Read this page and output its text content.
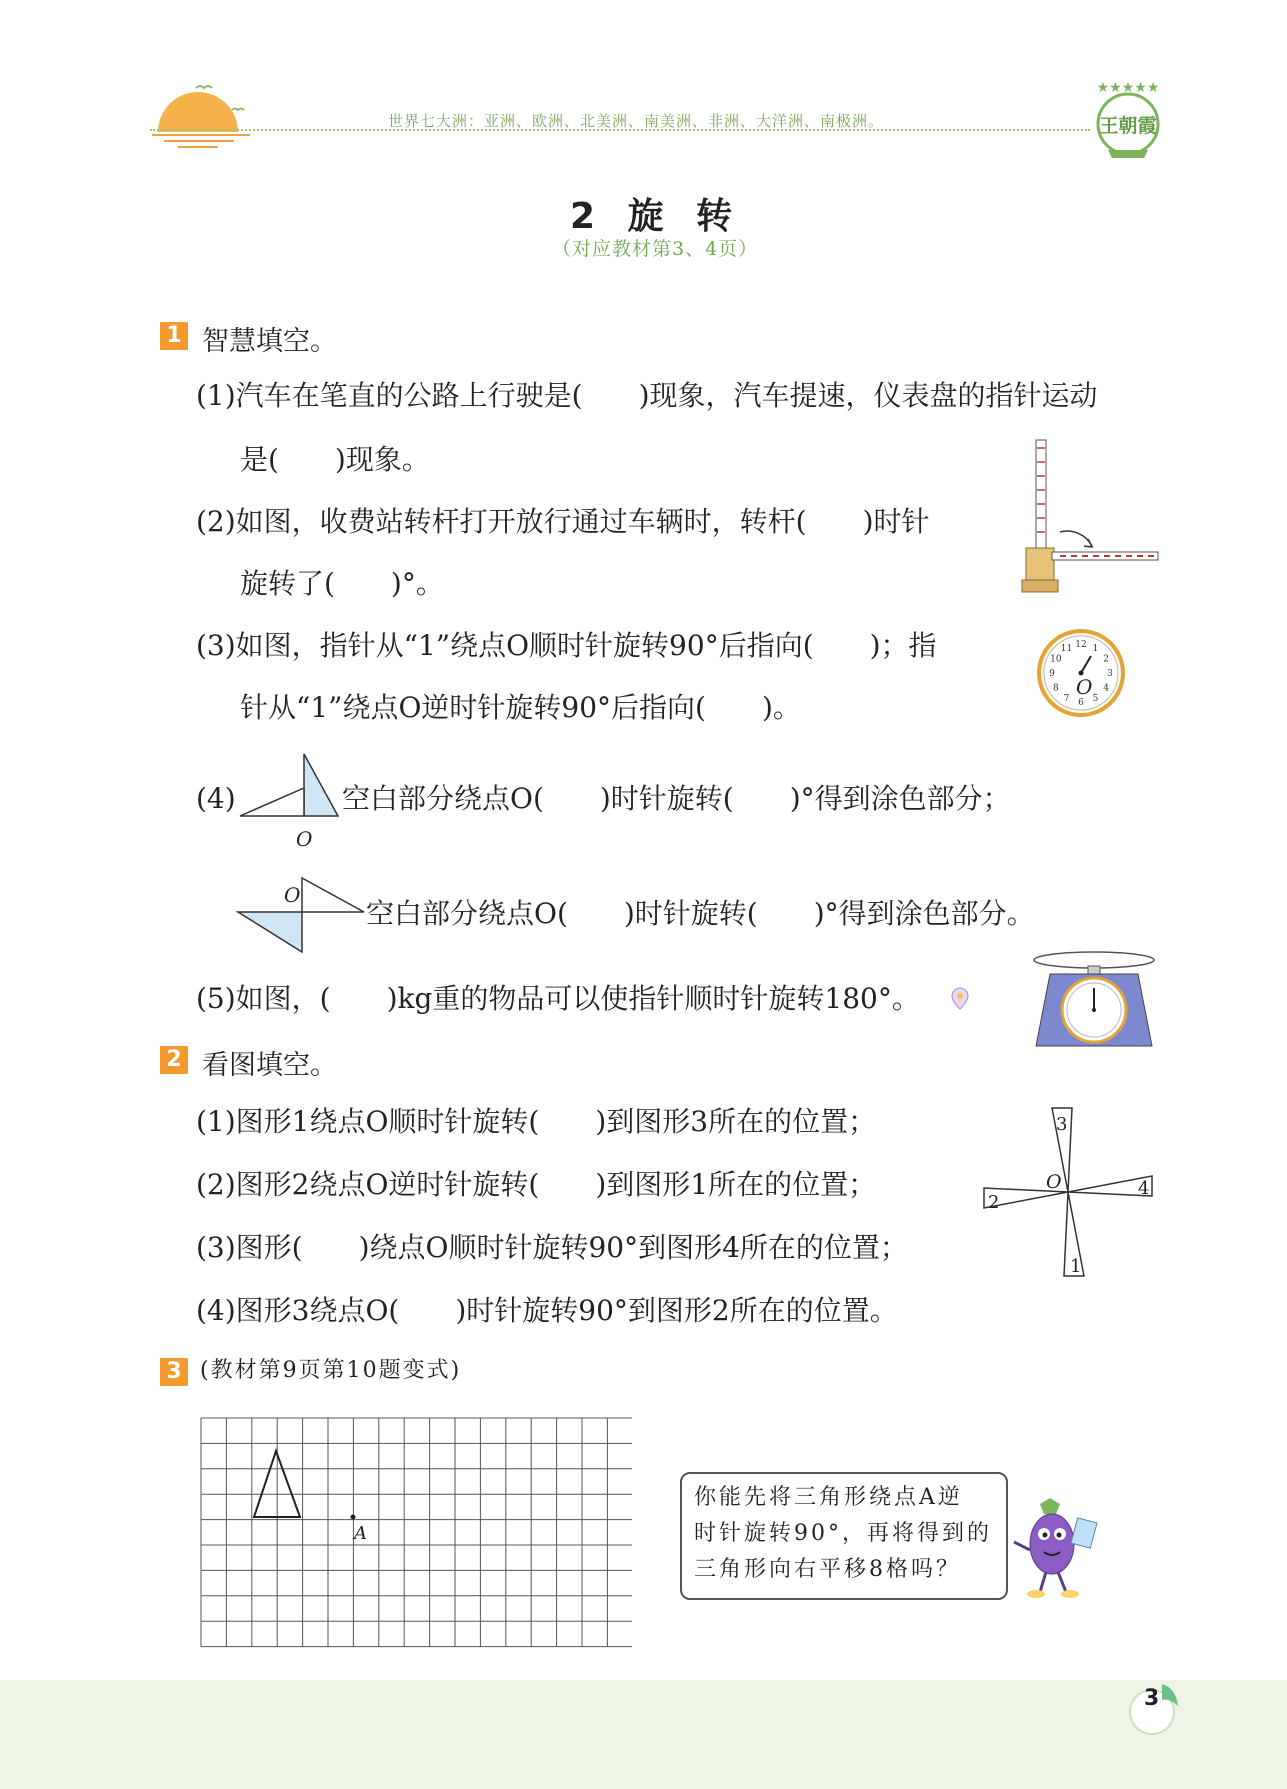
世界七大洲：亚洲、欧洲、北美洲、南美洲、非洲、大洋洲、南极洲。
★★★★★
王朝霞
2 旋 转
（对应教材第3、4页）
1 智慧填空。
(1)汽车在笔直的公路上行驶是(　　)现象，汽车提速，仪表盘的指针运动
是(　　)现象。
(2)如图，收费站转杆打开放行通过车辆时，转杆(　　)时针
旋转了(　　)°。
(3)如图，指针从“1”绕点O顺时针旋转90°后指向(　　)；指
针从“1”绕点O逆时针旋转90°后指向(　　)。
(4)	空白部分绕点O(　　)时针旋转(　　)°得到涂色部分；
空白部分绕点O(　　)时针旋转(　　)°得到涂色部分。
(5)如图，(　　)kg重的物品可以使指针顺时针旋转180°。
12 1
2
3
4
5
6
7
8
9
10
11
O
O
O
2 看图填空。
(1)图形1绕点O顺时针旋转(　　)到图形3所在的位置；
(2)图形2绕点O逆时针旋转(　　)到图形1所在的位置；
(3)图形(　　)绕点O顺时针旋转90°到图形4所在的位置；
(4)图形3绕点O(　　)时针旋转90°到图形2所在的位置。
3
4
1
2
O
3 (教材第9页第10题变式)
A
你能先将三角形绕点A逆
时针旋转90°，再将得到的
三角形向右平移8格吗？
3
